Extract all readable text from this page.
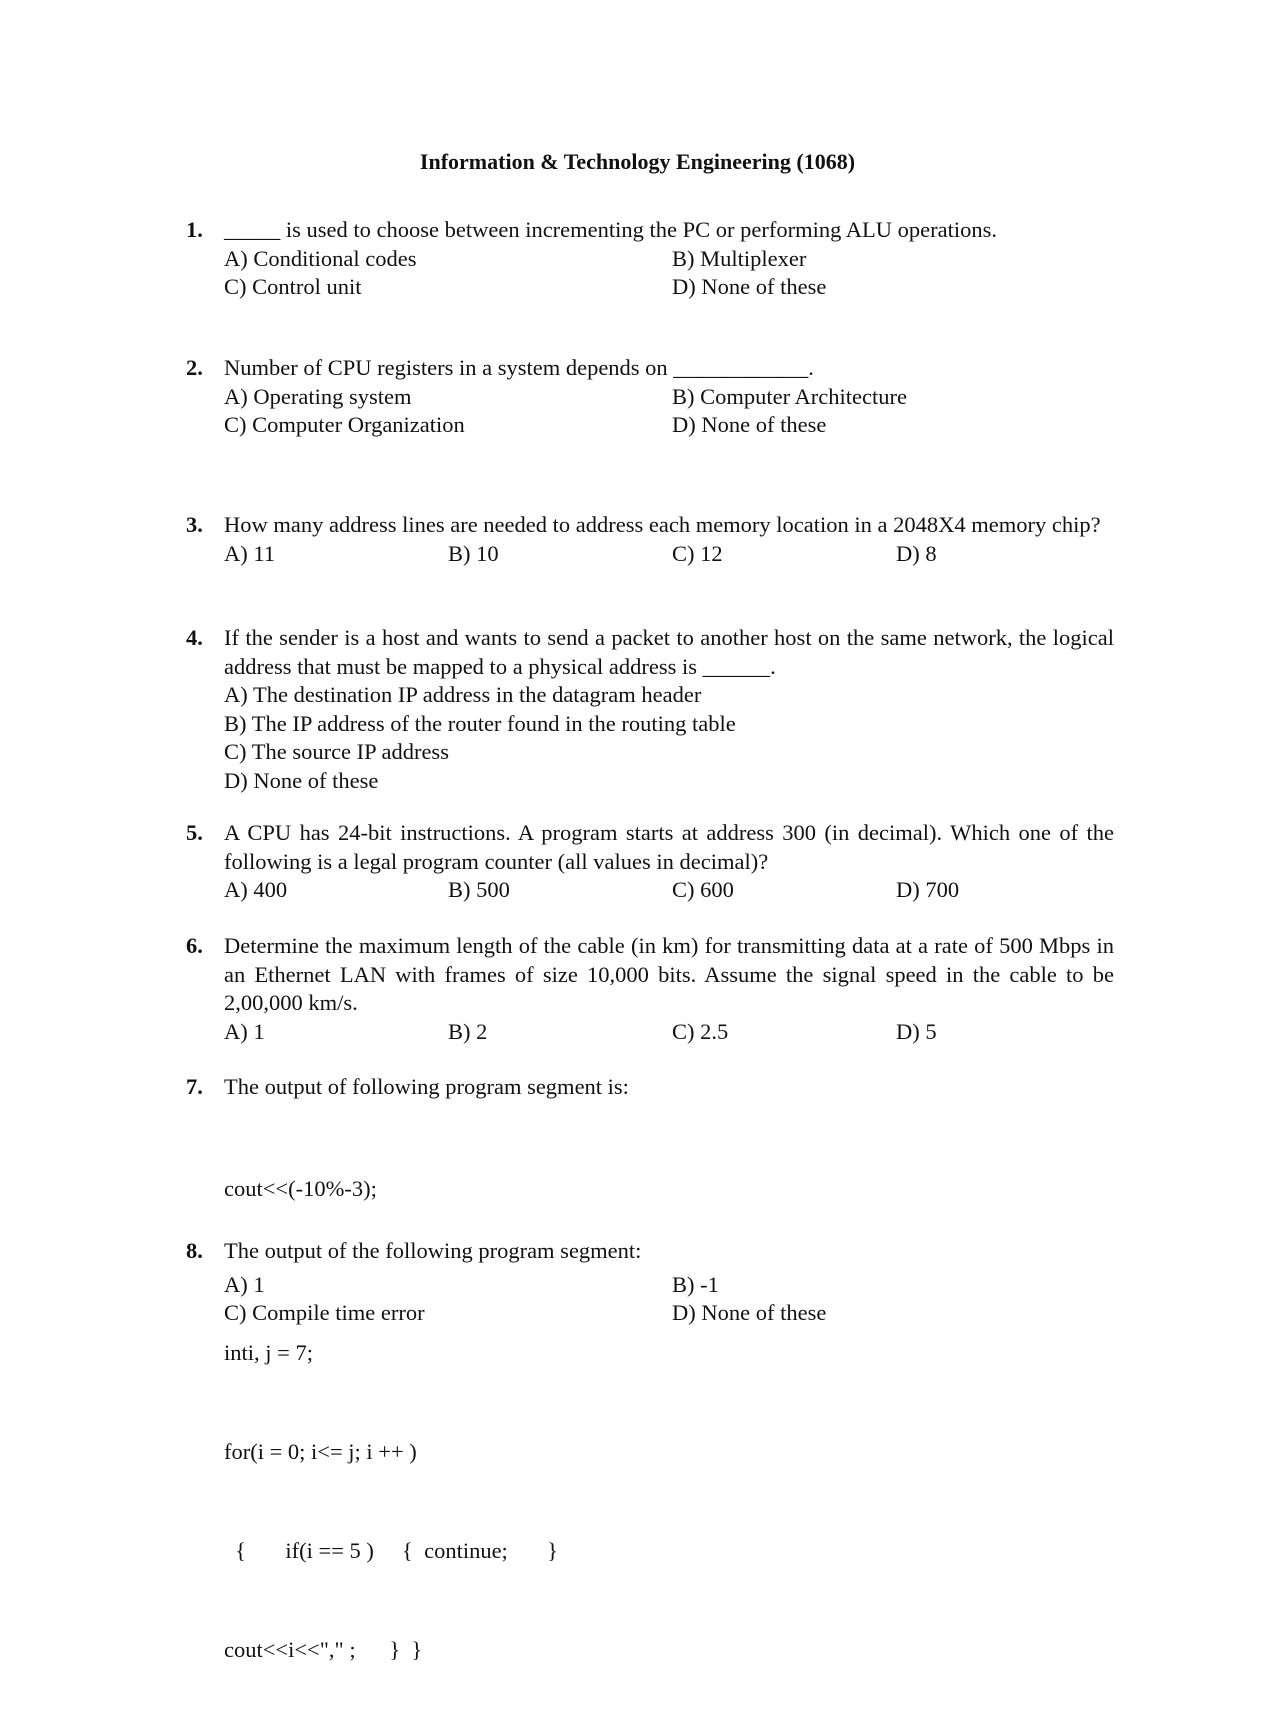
Information & Technology Engineering (1068)
1. _____ is used to choose between incrementing the PC or performing ALU operations.
A) Conditional codes	B) Multiplexer
C) Control unit	D) None of these
2. Number of CPU registers in a system depends on ____________.
A) Operating system	B) Computer Architecture
C) Computer Organization	D) None of these
3. How many address lines are needed to address each memory location in a 2048X4 memory chip?
A) 11	B) 10	C) 12	D) 8
4. If the sender is a host and wants to send a packet to another host on the same network, the logical address that must be mapped to a physical address is ______.
A) The destination IP address in the datagram header
B) The IP address of the router found in the routing table
C) The source IP address
D) None of these
5. A CPU has 24-bit instructions. A program starts at address 300 (in decimal). Which one of the following is a legal program counter (all values in decimal)?
A) 400	B) 500	C) 600	D) 700
6. Determine the maximum length of the cable (in km) for transmitting data at a rate of 500 Mbps in an Ethernet LAN with frames of size 10,000 bits. Assume the signal speed in the cable to be 2,00,000 km/s.
A) 1	B) 2	C) 2.5	D) 5
7. The output of following program segment is:

cout<<(-10%-3);

A) 1	B) -1
C) Compile time error	D) None of these
8. The output of the following program segment:

inti, j = 7;

for(i = 0; i<= j; i ++ )

{       if(i == 5 )     {  continue;       }

cout<<i<<"," ;      }  }
